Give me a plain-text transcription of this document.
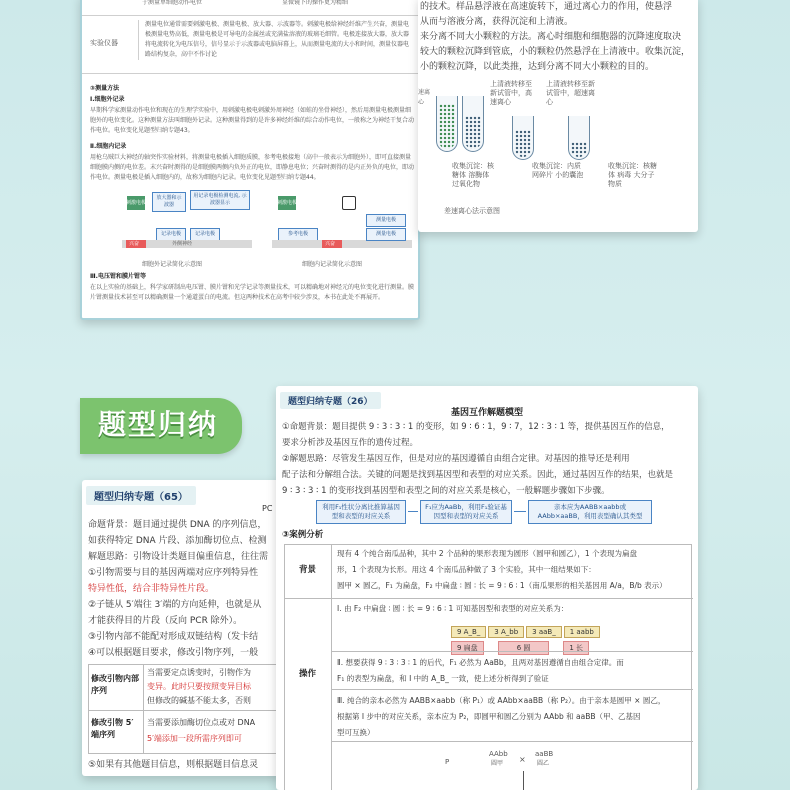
于测量单细胞动作电位	显微镜下的操作更为精细
实验仪器
测量电位通常需要刺激电极、测量电极、放大器、示波器等。刺激电极给神经纤维产生兴奋，测量电极测量电势高低，测量电极是可导电的金属丝或充满盐溶液的玻璃毛细管。电极连接放大器，放大器将电流转化为电压信号，信号显示于示波器或电脑屏幕上，从而测量电流的大小和时间，测量仪器电路结构复杂，高中不作讨论
③测量方法
Ⅰ.细胞外记录
早期科学家测量动作电位和现在的生理学实验中，用刺激电极电刺激外周神经（如蛙的坐骨神经），然后用测量电极测量细胞外的电位变化。这种测量方法叫细胞外记录。这种测量得到的是许多神经纤维的综合动作电位，一般称之为神经干复合动作电位。电位变化见题型归纳专题43。
Ⅱ.细胞内记录
用枪乌贼巨大神经的轴突作实验材料，将测量电极插入细胞质膜，参考电极接地（高中一般表示为细胞外），即可直接测量细胞膜内侧的电位差。末兴奋时测得的是细胞膜两侧内负外正的电位，即静息电位；兴奋时测得的是内正外负的电位，即动作电位。测量电极是插入细胞内的，故称为细胞内记录。电位变化见题型归纳专题44。
刺激电极
放大器和示波器
用记录电极检测电流, 示波器显示
记录电极	记录电极
兴奋	外侧神经
细胞外记录简化示意图
刺激电极
测量电极
参考电极
兴奋
测量电极
细胞内记录简化示意图
Ⅲ.电压钳和膜片钳等
在以上实验的基础上，科学家研制出电压钳、膜片钳和光学记录等测量技术，可以精确地对神经元的电位变化进行测量。膜片钳测量技术甚至可以精确测量一个通道蛋白的电流。但这两种技术在高考中较少涉及，本书在此处不再展开。
的技术。样品悬浮液在高速旋转下，通过离心力的作用，使悬浮
从而与溶液分离，获得沉淀和上清液。
来分离不同大小颗粒的方法。离心时细胞和细胞器的沉降速度取决
较大的颗粒沉降到管底，小的颗粒仍然悬浮在上清液中。收集沉淀，
小的颗粒沉降，以此类推，达到分离不同大小颗粒的目的。
速离心
上清液转移至新试管中，高速离心
上清液转移至新试管中，超速离心
收集沉淀：核糖体 溶酶体 过氧化物
收集沉淀：内质网碎片 小的囊泡
收集沉淀：核糖体 病毒 大分子物质
差速离心法示意图
题型归纳
题型归纳专题（65）
PC
命题背景：题目通过提供 DNA 的序列信息，
如获得特定 DNA 片段、添加酶切位点、检测
解题思路：引物设计类题目偏重信息，往往需
①引物需要与目的基因两端对应序列特异性
特异性低，结合非特异性片段。
②子链从 5′端往 3′端的方向延伸，也就是从
才能获得目的片段（反向 PCR 除外）。
③引物内部不能配对形成双链结构（发卡结
④可以根据题目要求，修改引物序列，一般
修改引物内部序列
当需要定点诱变时，引物作为
变异。此时只要按照变异目标
但修改的碱基不能太多，否则
修改引物 5′端序列
当需要添加酶切位点或对 DNA
5′端添加一段所需序列即可
⑤如果有其他题目信息，则根据题目信息灵
题型归纳专题（26）
基因互作解题模型
①命题背景：题目提供 9 ∶ 3 ∶ 3 ∶ 1 的变形，如 9 ∶ 6 ∶ 1，9 ∶ 7，12 ∶ 3 ∶ 1 等，提供基因互作的信息，
要求分析涉及基因互作的遗传过程。
②解题思路：尽管发生基因互作，但是对应的基因遵循自由组合定律。对基因的推导还是利用
配子法和分解组合法。关键的问题是找到基因型和表型的对应关系。因此，通过基因互作的结果，也就是
9 ∶ 3 ∶ 3 ∶ 1 的变形找到基因型和表型之间的对应关系是核心，一般解题步骤如下步骤。
利用F₁性状分离比推算基因型和表型的对应关系
F₁应为AaBb，利用F₁验证基因型和表型的对应关系
亲本应为AABB×aabb或AAbb×aaBB，利用表型确认其类型
③案例分析
背景
现有 4 个纯合南瓜品种，其中 2 个品种的果形表现为圆形（圆甲和圆乙），1 个表现为扁盘
形，1 个表现为长形。用这 4 个南瓜品种做了 3 个实验，其中一组结果如下：
圆甲 × 圆乙，F₁ 为扁盘，F₂ 中扁盘 ∶ 圆 ∶ 长 = 9 ∶ 6 ∶ 1（南瓜果形的相关基因用 A/a，B/b 表示）
操作
Ⅰ. 由 F₂ 中扁盘 ∶ 圆 ∶ 长 = 9 ∶ 6 ∶ 1 可知基因型和表型的对应关系为：
9 A_B_ 3 A_bb 3 aaB_ 1 aabb
9 扁盘	6 圆	1 长
Ⅱ. 想要获得 9 ∶ 3 ∶ 3 ∶ 1 的后代，F₁ 必然为 AaBb，且两对基因遵循自由组合定律。而
F₁ 的表型为扁盘，和 Ⅰ 中的 A_B_ 一致，使上述分析得到了验证
Ⅲ. 纯合的亲本必然为 AABB×aabb（称 P₁）或 AAbb×aaBB（称 P₂）。由于亲本是圆甲 × 圆乙，
根据第 Ⅰ 步中的对应关系，亲本应为 P₂，即圆甲和圆乙分别为 AAbb 和 aaBB（甲、乙基因
型可互换）
P
AAbb
圆甲 ×
aaBB
圆乙
